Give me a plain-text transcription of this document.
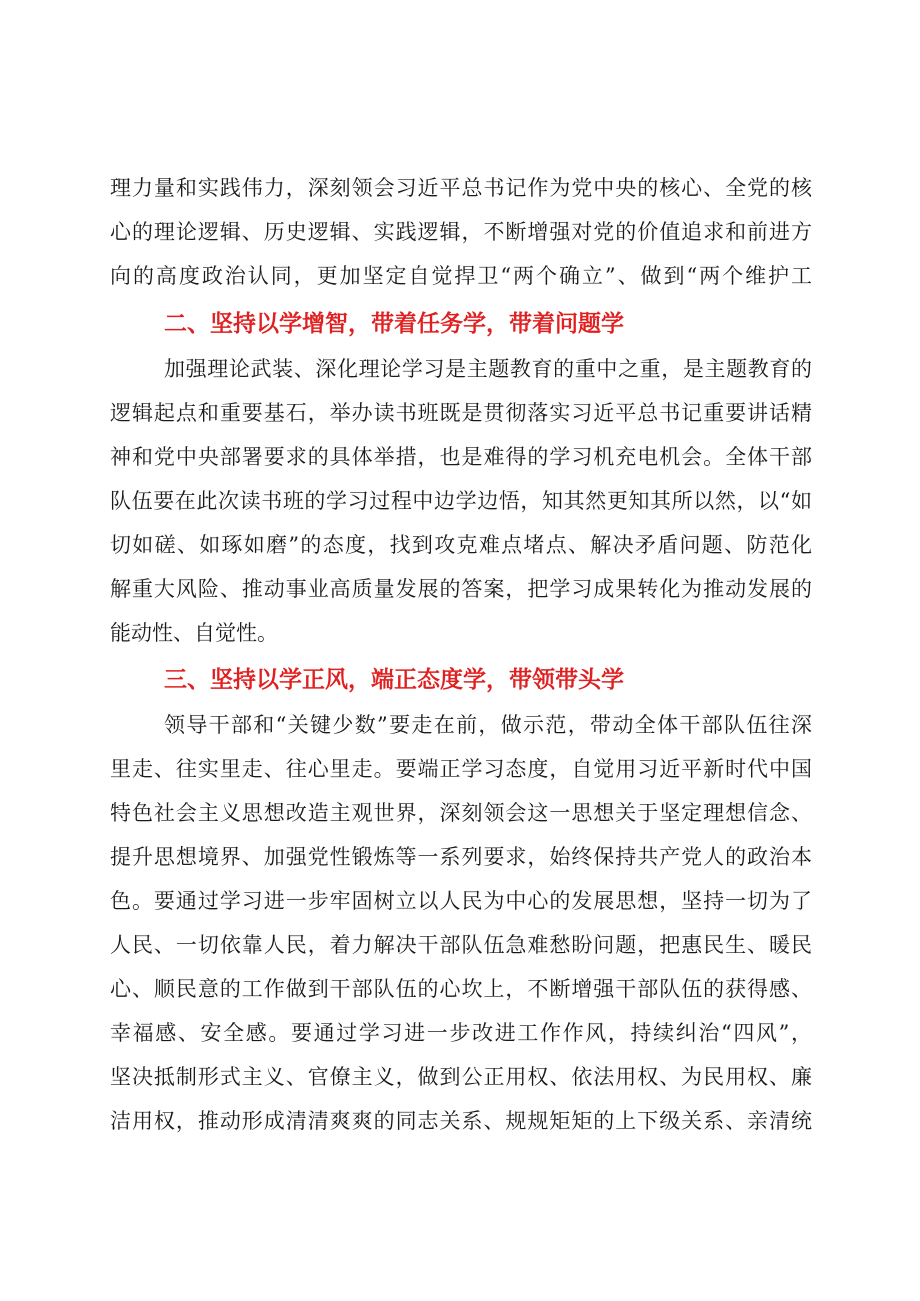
理力量和实践伟力，深刻领会习近平总书记作为党中央的核心、全党的核
心的理论逻辑、历史逻辑、实践逻辑，不断增强对党的价值追求和前进方
向的高度政治认同，更加坚定自觉捍卫“两个确立”、做到“两个维护工
二、坚持以学增智，带着任务学，带着问题学
加强理论武装、深化理论学习是主题教育的重中之重，是主题教育的
逻辑起点和重要基石，举办读书班既是贯彻落实习近平总书记重要讲话精
神和党中央部署要求的具体举措，也是难得的学习机充电机会。全体干部
队伍要在此次读书班的学习过程中边学边悟，知其然更知其所以然，以“如
切如磋、如琢如磨”的态度，找到攻克难点堵点、解决矛盾问题、防范化
解重大风险、推动事业高质量发展的答案，把学习成果转化为推动发展的
能动性、自觉性。
三、坚持以学正风，端正态度学，带领带头学
领导干部和“关键少数”要走在前，做示范，带动全体干部队伍往深
里走、往实里走、往心里走。要端正学习态度，自觉用习近平新时代中国
特色社会主义思想改造主观世界，深刻领会这一思想关于坚定理想信念、
提升思想境界、加强党性锻炼等一系列要求，始终保持共产党人的政治本
色。要通过学习进一步牢固树立以人民为中心的发展思想，坚持一切为了
人民、一切依靠人民，着力解决干部队伍急难愁盼问题，把惠民生、暖民
心、顺民意的工作做到干部队伍的心坎上，不断增强干部队伍的获得感、
幸福感、安全感。要通过学习进一步改进工作作风，持续纠治“四风”，
坚决抵制形式主义、官僚主义，做到公正用权、依法用权、为民用权、廉
洁用权，推动形成清清爽爽的同志关系、规规矩矩的上下级关系、亲清统
